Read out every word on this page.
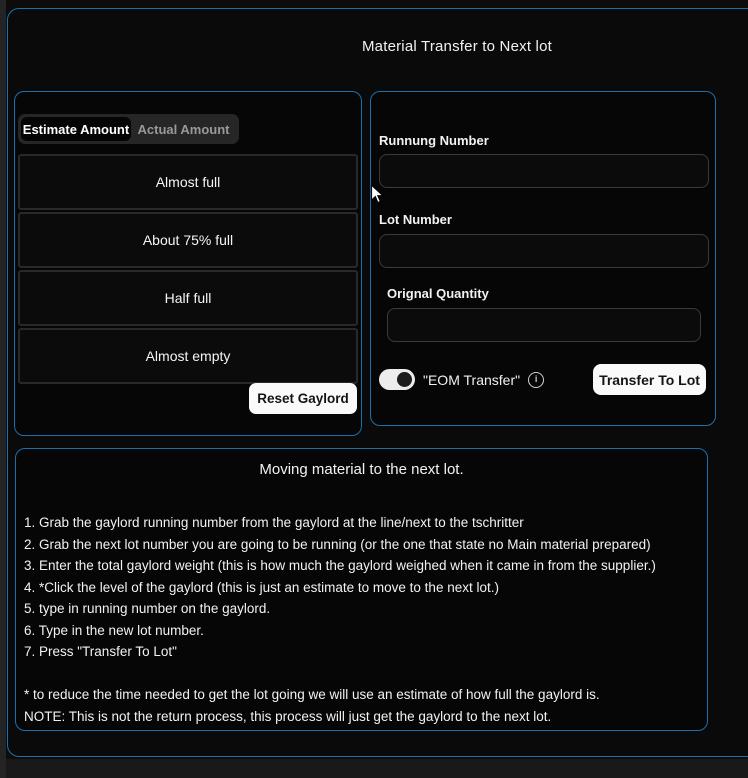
Material Transfer to Next lot
Estimate Amount Actual Amount
Almost full
About 75% full
Half full
Almost empty
Reset Gaylord
Runnung Number
Lot Number
Orignal Quantity
"EOM Transfer"	i	Transfer To Lot
Moving material to the next lot.
1. Grab the gaylord running number from the gaylord at the line/next to the tschritter
2. Grab the next lot number you are going to be running (or the one that state no Main material prepared)
3. Enter the total gaylord weight (this is how much the gaylord weighed when it came in from the supplier.)
4. *Click the level of the gaylord (this is just an estimate to move to the next lot.)
5. type in running number on the gaylord.
6. Type in the new lot number.
7. Press "Transfer To Lot"
* to reduce the time needed to get the lot going we will use an estimate of how full the gaylord is.
NOTE: This is not the return process, this process will just get the gaylord to the next lot.
